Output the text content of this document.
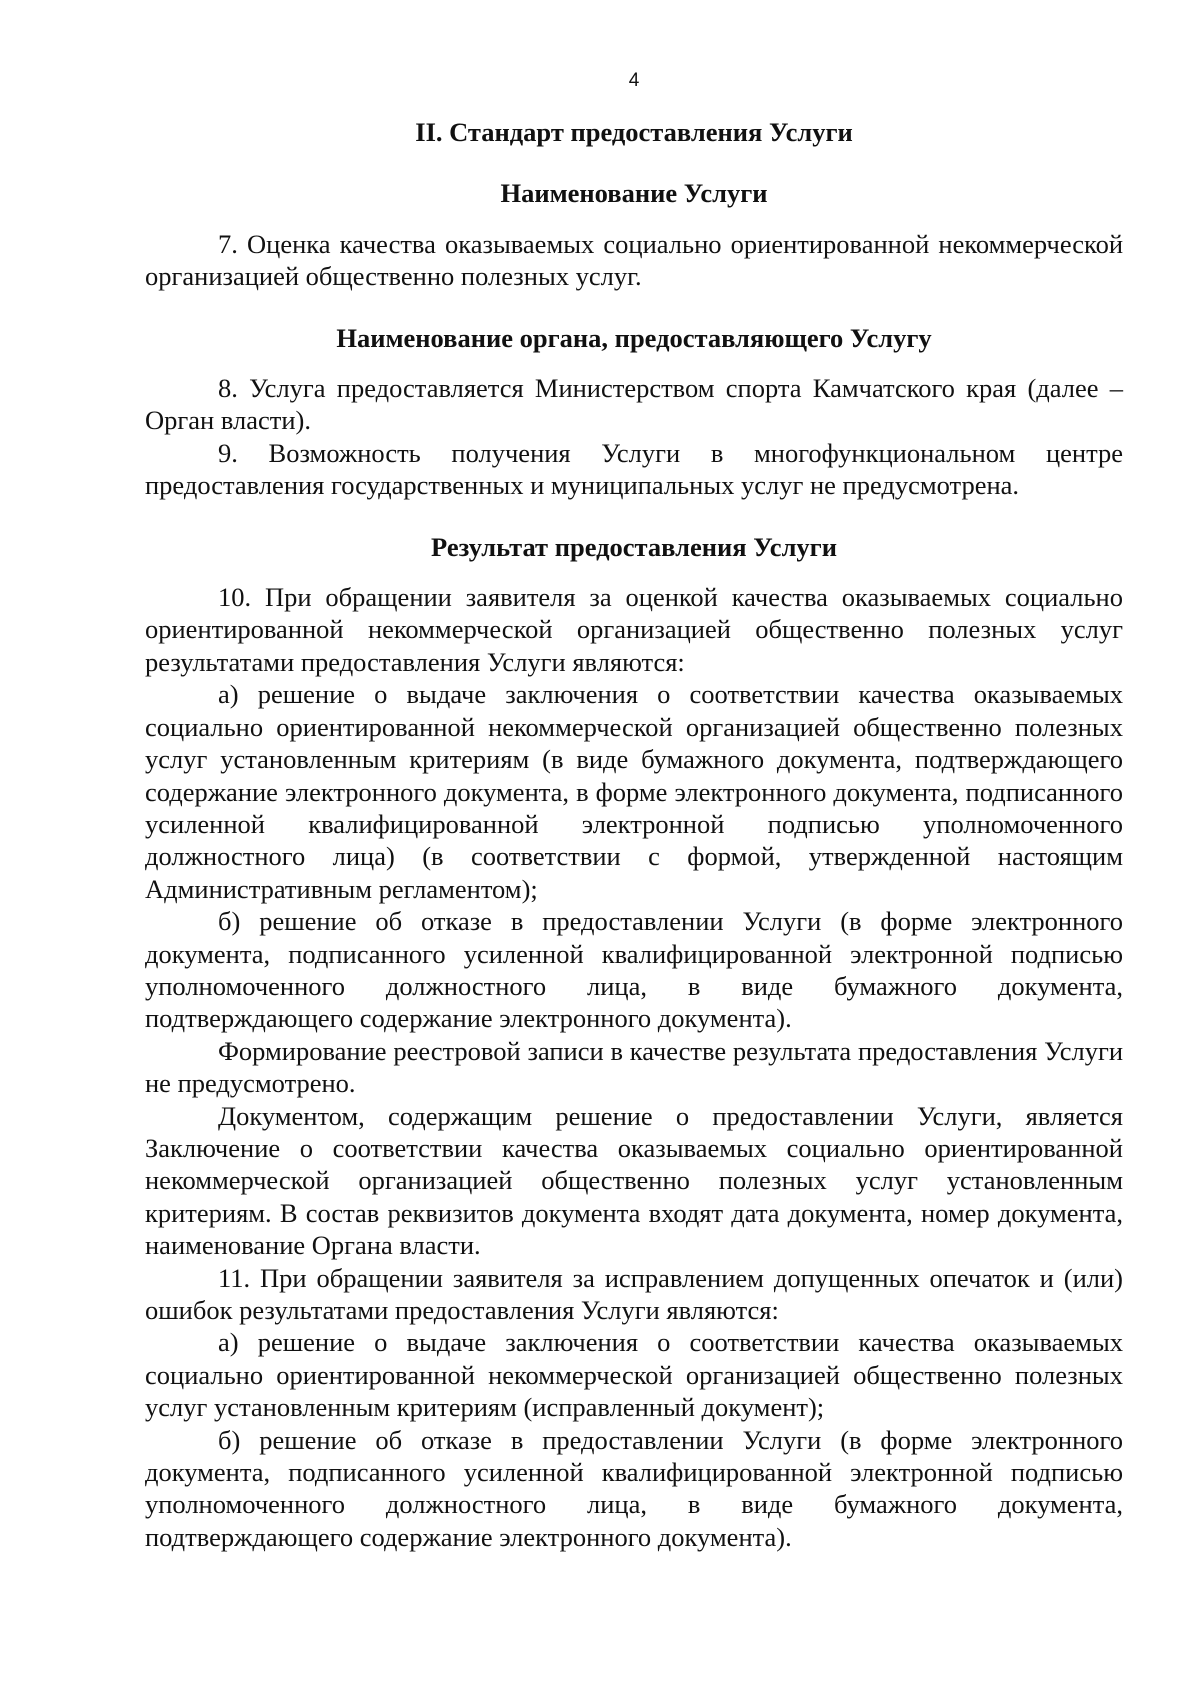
4
II. Стандарт предоставления Услуги
Наименование Услуги

7. Оценка качества оказываемых социально ориентированной некоммерческой организацией общественно полезных услуг.

Наименование органа, предоставляющего Услугу

8. Услуга предоставляется Министерством спорта Камчатского края (далее – Орган власти).

9. Возможность получения Услуги в многофункциональном центре предоставления государственных и муниципальных услуг не предусмотрена.

Результат предоставления Услуги

10. При обращении заявителя за оценкой качества оказываемых социально ориентированной некоммерческой организацией общественно полезных услуг результатами предоставления Услуги являются:

а) решение о выдаче заключения о соответствии качества оказываемых социально ориентированной некоммерческой организацией общественно полезных услуг установленным критериям (в виде бумажного документа, подтверждающего содержание электронного документа, в форме электронного документа, подписанного усиленной квалифицированной электронной подписью уполномоченного должностного лица) (в соответствии с формой, утвержденной настоящим Административным регламентом);

б) решение об отказе в предоставлении Услуги (в форме электронного документа, подписанного усиленной квалифицированной электронной подписью уполномоченного должностного лица, в виде бумажного документа, подтверждающего содержание электронного документа).

Формирование реестровой записи в качестве результата предоставления Услуги не предусмотрено.

Документом, содержащим решение о предоставлении Услуги, является Заключение о соответствии качества оказываемых социально ориентированной некоммерческой организацией общественно полезных услуг установленным критериям. В состав реквизитов документа входят дата документа, номер документа, наименование Органа власти.

11. При обращении заявителя за исправлением допущенных опечаток и (или) ошибок результатами предоставления Услуги являются:

а) решение о выдаче заключения о соответствии качества оказываемых социально ориентированной некоммерческой организацией общественно полезных услуг установленным критериям (исправленный документ);

б) решение об отказе в предоставлении Услуги (в форме электронного документа, подписанного усиленной квалифицированной электронной подписью уполномоченного должностного лица, в виде бумажного документа, подтверждающего содержание электронного документа).
